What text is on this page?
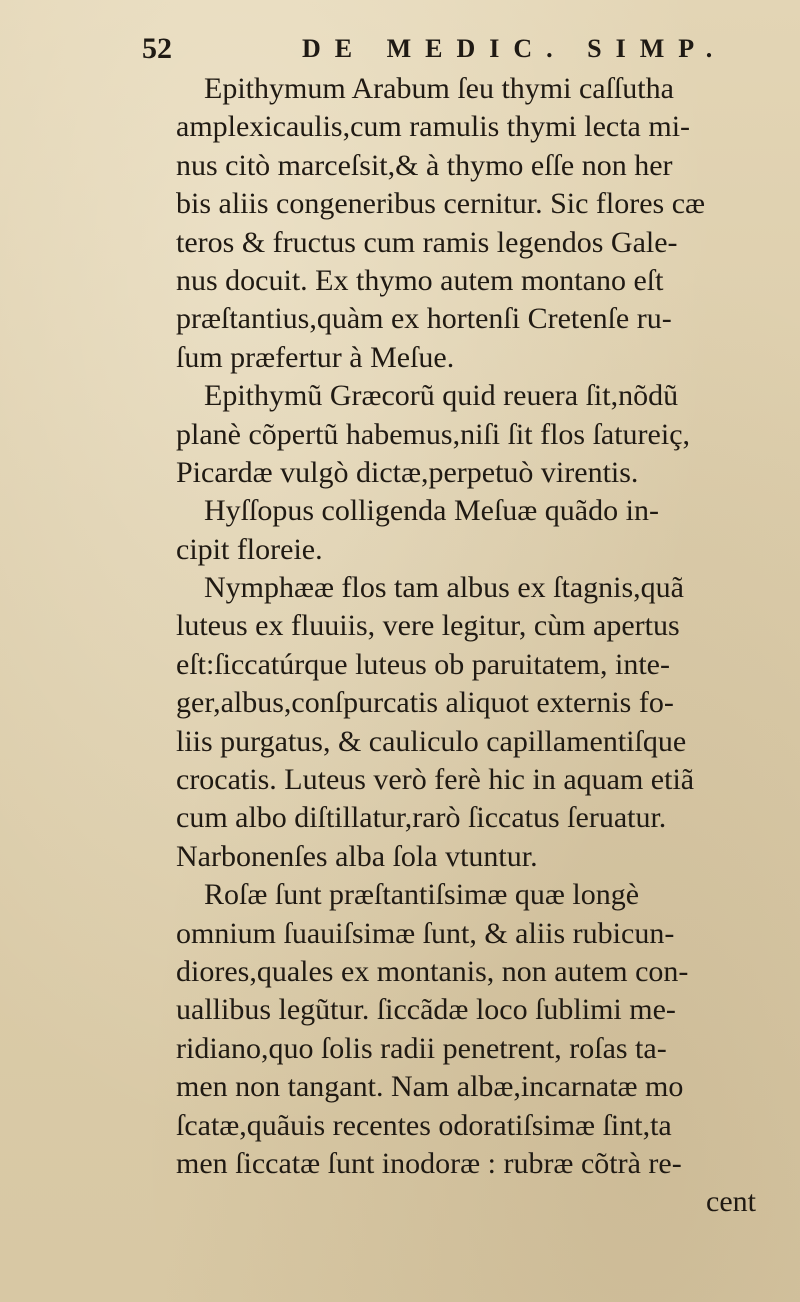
52	DE MEDIC. SIMP.
Epithymum Arabum ſeu thymi caſſutha
amplexicaulis,cum ramulis thymi lecta mi-
nus citò marceſsit,& à thymo eſſe non her
bis aliis congeneribus cernitur. Sic flores cæ
teros & fructus cum ramis legendos Gale-
nus docuit. Ex thymo autem montano eſt
præſtantius,quàm ex hortenſi Cretenſe ru-
ſum præfertur à Meſue.
Epithymũ Græcorũ quid reuera ſit,nõdũ
planè cõpertũ habemus,niſi ſit flos ſatureiç,
Picardæ vulgò dictæ,perpetuò virentis.
Hyſſopus colligenda Meſuæ quãdo in-
cipit floreie.
Nymphææ flos tam albus ex ſtagnis,quã
luteus ex fluuiis, vere legitur, cùm apertus
eſt:ſiccatúrque luteus ob paruitatem, inte-
ger,albus,conſpurcatis aliquot externis fo-
liis purgatus, & cauliculo capillamentiſque
crocatis. Luteus verò ferè hic in aquam etiã
cum albo diſtillatur,rarò ſiccatus ſeruatur.
Narbonenſes alba ſola vtuntur.
Roſæ ſunt præſtantiſsimæ quæ longè
omnium ſuauiſsimæ ſunt, & aliis rubicun-
diores,quales ex montanis, non autem con-
uallibus legũtur. ſiccãdæ loco ſublimi me-
ridiano,quo ſolis radii penetrent, roſas ta-
men non tangant. Nam albæ,incarnatæ mo
ſcatæ,quãuis recentes odoratiſsimæ ſint,ta
men ſiccatæ ſunt inodoræ : rubræ cõtrà re-
cent
